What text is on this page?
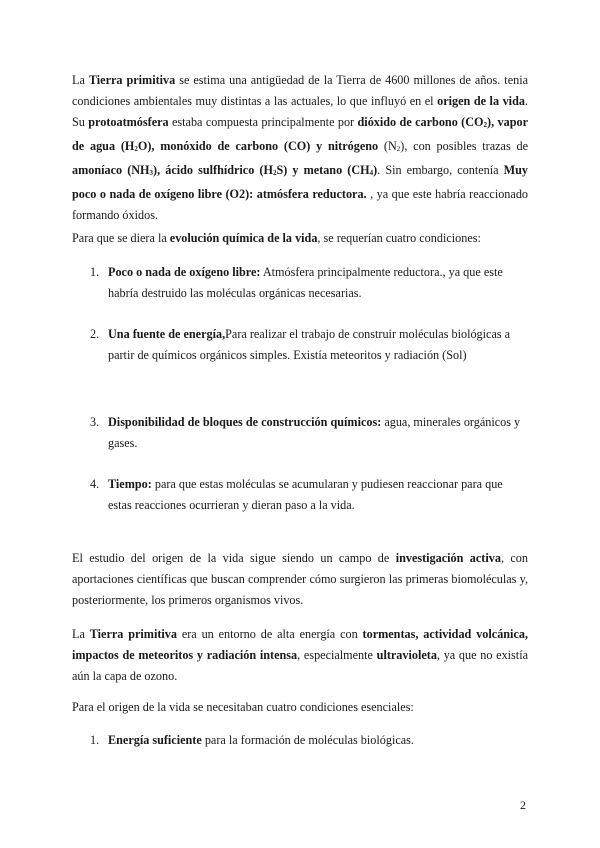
La Tierra primitiva se estima una antigüedad de la Tierra de 4600 millones de años. tenia condiciones ambientales muy distintas a las actuales, lo que influyó en el origen de la vida. Su protoatmósfera estaba compuesta principalmente por dióxido de carbono $(CO_2)$, vapor de agua $(H_2O)$, monóxido de carbono (CO) y nitrógeno $(N_2)$, con posibles trazas de amoníaco $(NH_3)$, ácido sulfhídrico $(H_2S)$ y metano $(CH_4)$. Sin embargo, contenía Muy poco o nada de oxígeno libre (O2): atmósfera reductora. , ya que este habría reaccionado formando óxidos.

Para que se diera la evolución química de la vida, se requerían cuatro condiciones:

1. Poco o nada de oxígeno libre: Atmósfera principalmente reductora., ya que este habría destruido las moléculas orgánicas necesarias.
2. Una fuente de energía,Para realizar el trabajo de construir moléculas biológicas a partir de químicos orgánicos simples. Existía meteoritos y radiación (Sol)
3. Disponibilidad de bloques de construcción químicos: agua, minerales orgánicos y gases.
4. Tiempo: para que estas moléculas se acumularan y pudiesen reaccionar para que estas reacciones ocurrieran y dieran paso a la vida.

El estudio del origen de la vida sigue siendo un campo de investigación activa, con aportaciones científicas que buscan comprender cómo surgieron las primeras biomoléculas y, posteriormente, los primeros organismos vivos.

La Tierra primitiva era un entorno de alta energía con tormentas, actividad volcánica, impactos de meteoritos y radiación intensa, especialmente ultravioleta, ya que no existía aún la capa de ozono.

Para el origen de la vida se necesitaban cuatro condiciones esenciales:

1. Energía suficiente para la formación de moléculas biológicas.
2
